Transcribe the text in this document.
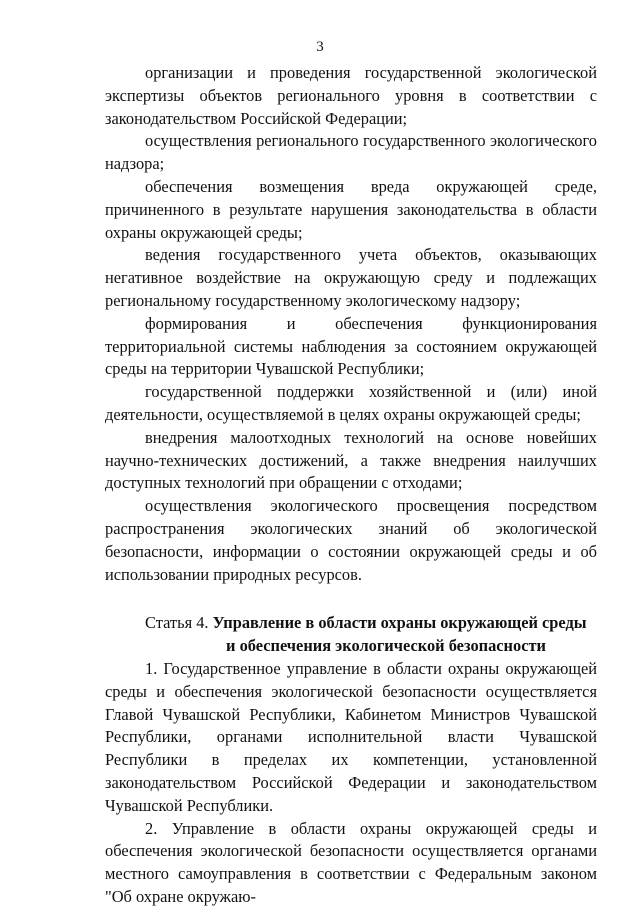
3

организации и проведения государственной экологической экспертизы объектов регионального уровня в соответствии с законодательством Российской Федерации;

осуществления регионального государственного экологического надзора;

обеспечения возмещения вреда окружающей среде, причиненного в результате нарушения законодательства в области охраны окружающей среды;

ведения государственного учета объектов, оказывающих негативное воздействие на окружающую среду и подлежащих региональному государственному экологическому надзору;

формирования и обеспечения функционирования территориальной системы наблюдения за состоянием окружающей среды на территории Чувашской Республики;

государственной поддержки хозяйственной и (или) иной деятельности, осуществляемой в целях охраны окружающей среды;

внедрения малоотходных технологий на основе новейших научно-технических достижений, а также внедрения наилучших доступных технологий при обращении с отходами;

осуществления экологического просвещения посредством распространения экологических знаний об экологической безопасности, информации о состоянии окружающей среды и об использовании природных ресурсов.

Статья 4. Управление в области охраны окружающей среды

и обеспечения экологической безопасности

1. Государственное управление в области охраны окружающей среды и обеспечения экологической безопасности осуществляется Главой Чувашской Республики, Кабинетом Министров Чувашской Республики, органами исполнительной власти Чувашской Республики в пределах их компетенции, установленной законодательством Российской Федерации и законодательством Чувашской Республики.

2. Управление в области охраны окружающей среды и обеспечения экологической безопасности осуществляется органами местного самоуправления в соответствии с Федеральным законом "Об охране окружаю-
